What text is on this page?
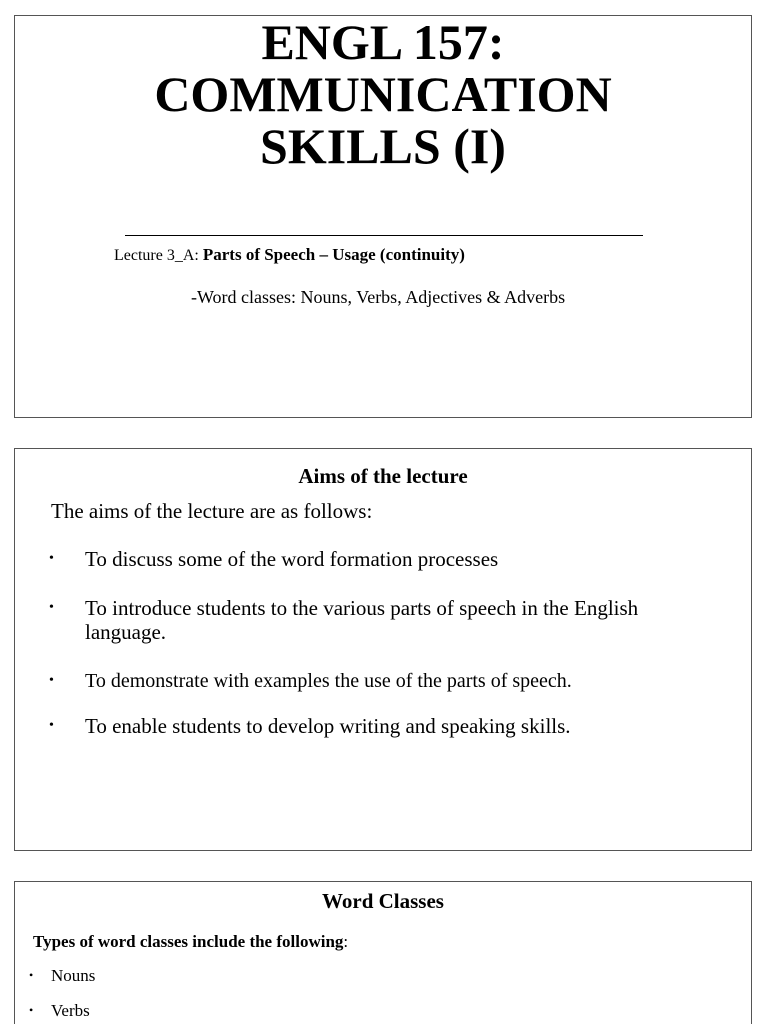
ENGL 157:
COMMUNICATION
SKILLS (I)
Lecture 3_A: Parts of Speech – Usage (continuity)
-Word classes: Nouns, Verbs, Adjectives & Adverbs
Aims of the lecture
The aims of the lecture are as follows:
• To discuss some of the word formation processes
• To introduce students to the various parts of speech in the English language.
• To demonstrate with examples the use of the parts of speech.
• To enable students to develop writing and speaking skills.
Word Classes
Types of word classes include the following:
• Nouns
• Verbs
